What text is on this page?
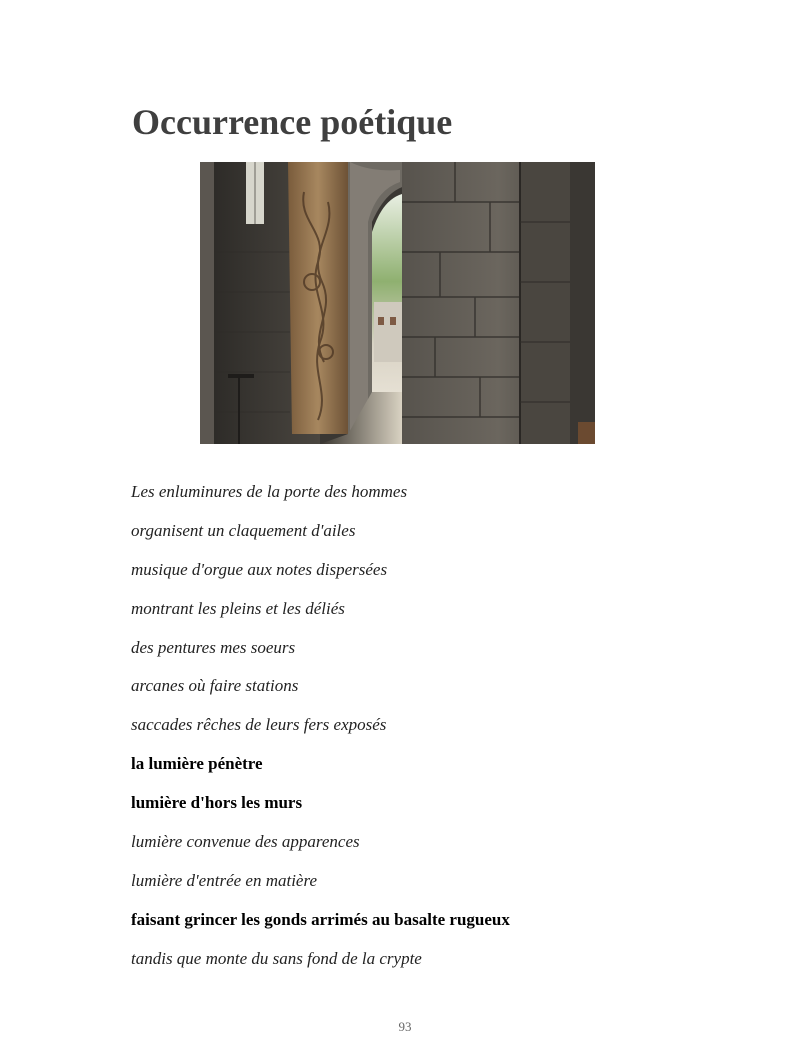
Occurrence poétique
Les enluminures de la porte des hommes
organisent un claquement d'ailes
musique d'orgue aux notes dispersées
montrant les pleins et les déliés
des pentures mes soeurs
arcanes où faire stations
saccades rêches de leurs fers exposés
la lumière pénètre
lumière d'hors les murs
lumière convenue des apparences
lumière d'entrée en matière
faisant grincer les gonds arrimés au basalte rugueux
tandis que monte du sans fond de la crypte
93
